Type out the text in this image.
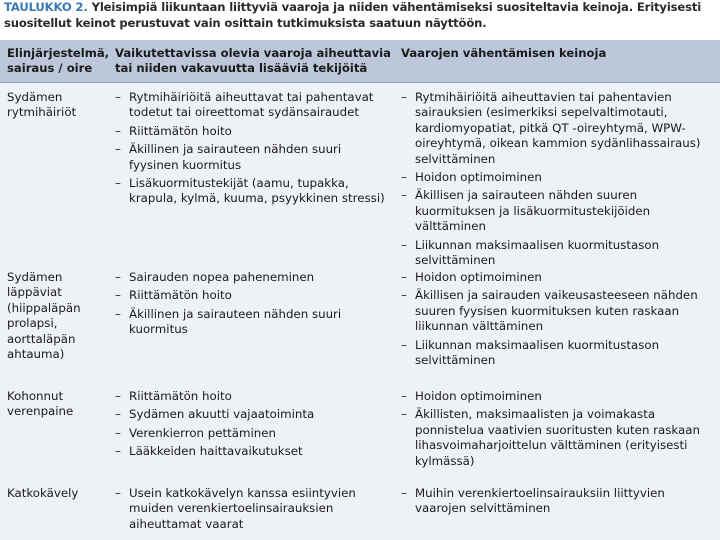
TAULUKKO 2. Yleisimpiä liikuntaan liittyviä vaaroja ja niiden vähentämiseksi suositeltavia keinoja. Erityisesti suositellut keinot perustuvat vain osittain tutkimuksista saatuun näyttöön.
Elinjärjestelmä, sairaus / oire
Vaikutettavissa olevia vaaroja aiheuttavia tai niiden vakavuutta lisääviä tekijöitä
Vaarojen vähentämisen keinoja
Sydämen rytmihäiriöt
– Rytmihäiriöitä aiheuttavat tai pahentavat todetut tai oireettomat sydänsairaudet
– Riittämätön hoito
– Äkillinen ja sairauteen nähden suuri fyysinen kuormitus
– Lisäkuormitustekijät (aamu, tupakka, krapula, kylmä, kuuma, psyykkinen stressi)
– Rytmihäiriöitä aiheuttavien tai pahentavien sairauksien (esimerkiksi sepelvaltimotauti, kardiomyopatiat, pitkä QT -oireyhtymä, WPW-oireyhtymä, oikean kammion sydänlihassairaus) selvittäminen
– Hoidon optimoiminen
– Äkillisen ja sairauteen nähden suuren kuormituksen ja lisäkuormitustekijöiden välttäminen
– Liikunnan maksimaalisen kuormitustason selvittäminen
Sydämen läppäviat (hiippaläpän prolapsi, aorttaläpän ahtauma)
– Sairauden nopea paheneminen
– Riittämätön hoito
– Äkillinen ja sairauteen nähden suuri kuormitus
– Hoidon optimoiminen
– Äkillisen ja sairauden vaikeusasteeseen nähden suuren fyysisen kuormituksen kuten raskaan liikunnan välttäminen
– Liikunnan maksimaalisen kuormitustason selvittäminen
Kohonnut verenpaine
– Riittämätön hoito
– Sydämen akuutti vajaatoiminta
– Verenkierron pettäminen
– Lääkkeiden haittavaikutukset
– Hoidon optimoiminen
– Äkillisten, maksimaalisten ja voimakasta ponnistelua vaativien suoritusten kuten raskaan lihasvoimaharjoittelun välttäminen (erityisesti kylmässä)
Katkokävely
–	Usein katkokävelyn kanssa esiintyvien muiden verenkiertoelinsairauksien aiheuttamat vaarat
– Muihin verenkiertoelinsairauksiin liittyvien vaarojen selvittäminen
